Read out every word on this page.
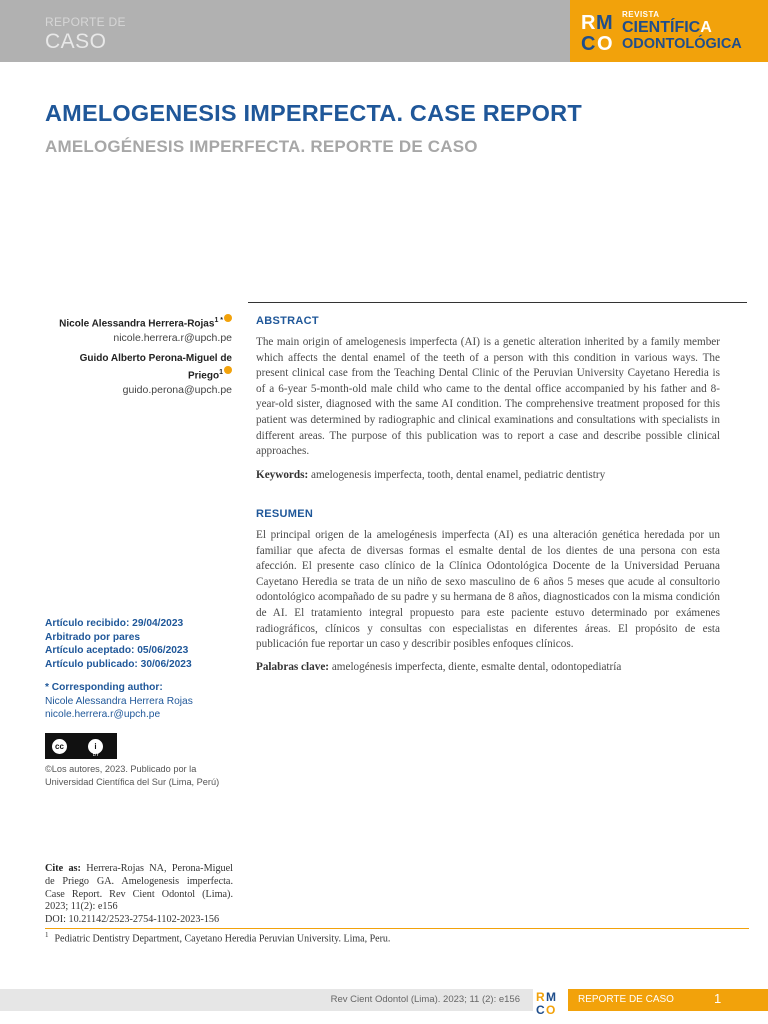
REPORTE DE
CASO
R M
C O
REVISTA
CIENTÍFICA
ODONTOLÓGICA
AMELOGENESIS IMPERFECTA. CASE REPORT
AMELOGÉNESIS IMPERFECTA. REPORTE DE CASO
Nicole Alessandra Herrera-Rojas$^{1 *}$
nicole.herrera.r@upch.pe
Guido Alberto Perona-Miguel de
Priego$^1$
guido.perona@upch.pe
ABSTRACT

The main origin of amelogenesis imperfecta (AI) is a genetic alteration inherited by a family member which affects the dental enamel of the teeth of a person with this condition in various ways. The present clinical case from the Teaching Dental Clinic of the Peruvian University Cayetano Heredia is of a 6-year 5-month-old male child who came to the dental office accompanied by his father and 8-year-old sister, diagnosed with the same AI condition. The comprehensive treatment proposed for this patient was determined by radiographic and clinical examinations and consultations with specialists in different areas. The purpose of this publication was to report a case and describe possible clinical approaches.

Keywords: amelogenesis imperfecta, tooth, dental enamel, pediatric dentistry
RESUMEN

El principal origen de la amelogénesis imperfecta (AI) es una alteración genética heredada por un familiar que afecta de diversas formas el esmalte dental de los dientes de una persona con esta afección. El presente caso clínico de la Clínica Odontológica Docente de la Universidad Peruana Cayetano Heredia se trata de un niño de sexo masculino de 6 años 5 meses que acude al consultorio odontológico acompañado de su padre y su hermana de 8 años, diagnosticados con la misma condición de AI. El tratamiento integral propuesto para este paciente estuvo determinado por exámenes radiográficos, clínicos y consultas con especialistas en diferentes áreas. El propósito de esta publicación fue reportar un caso y describir posibles enfoques clínicos.

Palabras clave: amelogénesis imperfecta, diente, esmalte dental, odontopediatría
Artículo recibido: 29/04/2023
Arbitrado por pares
Artículo aceptado: 05/06/2023
Artículo publicado: 30/06/2023
* Corresponding author:
Nicole Alessandra Herrera Rojas
nicole.herrera.r@upch.pe
cc	i
BY
©Los autores, 2023. Publicado por la Universidad Científica del Sur (Lima, Perú)
Cite as: Herrera-Rojas NA, Perona-Miguel de Priego GA. Amelogenesis imperfecta. Case Report. Rev Cient Odontol (Lima). 2023; 11(2): e156
DOI: 10.21142/2523-2754-1102-2023-156
$^1$ Pediatric Dentistry Department, Cayetano Heredia Peruvian University. Lima, Peru.
Rev Cient Odontol (Lima). 2023; 11 (2): e156 R M
C O
REPORTE DE CASO	1
